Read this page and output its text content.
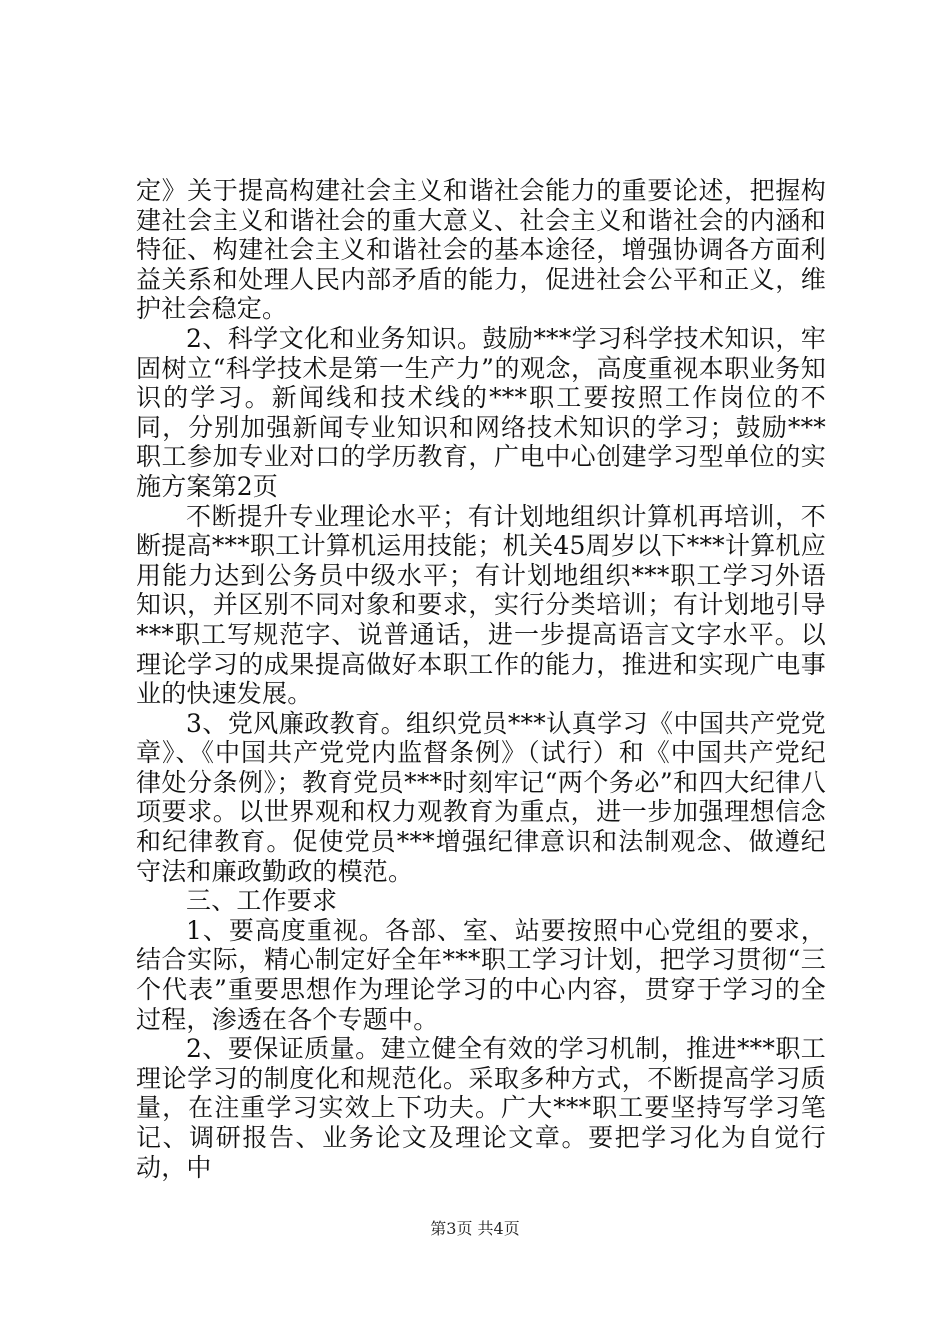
定》关于提高构建社会主义和谐社会能力的重要论述，把握构建社会主义和谐社会的重大意义、社会主义和谐社会的内涵和特征、构建社会主义和谐社会的基本途径，增强协调各方面利益关系和处理人民内部矛盾的能力，促进社会公平和正义，维护社会稳定。

2、科学文化和业务知识。鼓励***学习科学技术知识，牢固树立“科学技术是第一生产力”的观念，高度重视本职业务知识的学习。新闻线和技术线的***职工要按照工作岗位的不同，分别加强新闻专业知识和网络技术知识的学习；鼓励***职工参加专业对口的学历教育，广电中心创建学习型单位的实施方案第2页

不断提升专业理论水平；有计划地组织计算机再培训，不断提高***职工计算机运用技能；机关45周岁以下***计算机应用能力达到公务员中级水平；有计划地组织***职工学习外语知识，并区别不同对象和要求，实行分类培训；有计划地引导***职工写规范字、说普通话，进一步提高语言文字水平。以理论学习的成果提高做好本职工作的能力，推进和实现广电事业的快速发展。

3、党风廉政教育。组织党员***认真学习《中国共产党党章》、《中国共产党党内监督条例》（试行）和《中国共产党纪律处分条例》；教育党员***时刻牢记“两个务必”和四大纪律八项要求。以世界观和权力观教育为重点，进一步加强理想信念和纪律教育。促使党员***增强纪律意识和法制观念、做遵纪守法和廉政勤政的模范。

三、工作要求

1、要高度重视。各部、室、站要按照中心党组的要求，结合实际，精心制定好全年***职工学习计划，把学习贯彻“三个代表”重要思想作为理论学习的中心内容，贯穿于学习的全过程，渗透在各个专题中。

2、要保证质量。建立健全有效的学习机制，推进***职工理论学习的制度化和规范化。采取多种方式，不断提高学习质量，在注重学习实效上下功夫。广大***职工要坚持写学习笔记、调研报告、业务论文及理论文章。要把学习化为自觉行动，中

第3页 共4页
